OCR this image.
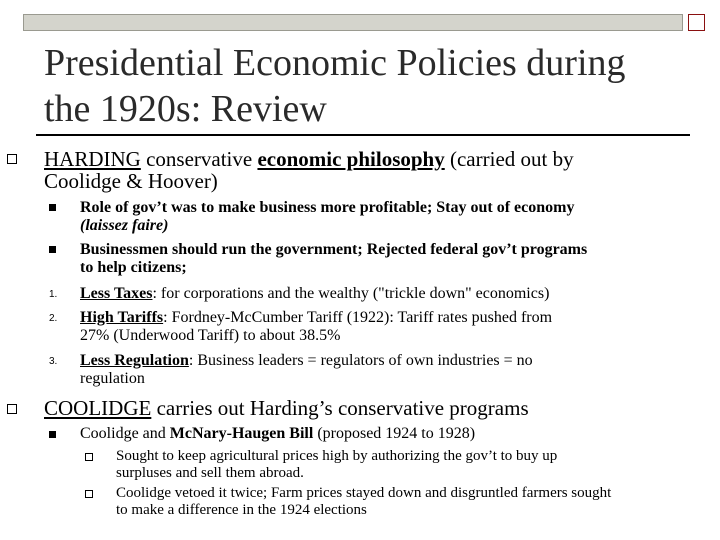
Presidential Economic Policies during
the 1920s: Review
HARDING conservative economic philosophy (carried out by
Coolidge & Hoover)
Role of gov’t was to make business more profitable; Stay out of economy
(laissez faire)
Businessmen should run the government; Rejected federal gov’t programs
to help citizens;
1. Less Taxes: for corporations and the wealthy ("trickle down" economics)
2. High Tariffs: Fordney-McCumber Tariff (1922): Tariff rates pushed from
27% (Underwood Tariff) to about 38.5%
3. Less Regulation: Business leaders = regulators of own industries = no
regulation
COOLIDGE carries out Harding’s conservative programs
Coolidge and McNary-Haugen Bill (proposed 1924 to 1928)
Sought to keep agricultural prices high by authorizing the gov’t to buy up
surpluses and sell them abroad.
Coolidge vetoed it twice; Farm prices stayed down and disgruntled farmers sought
to make a difference in the 1924 elections
